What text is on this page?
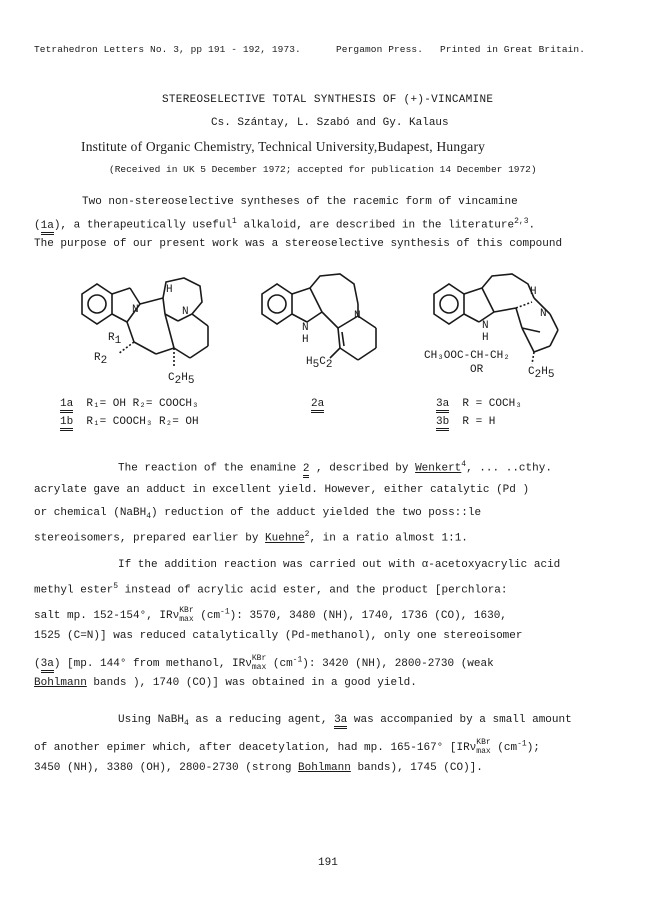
Tetrahedron Letters No. 3, pp 191 - 192, 1973.	Pergamon Press. Printed in Great Britain.
STEREOSELECTIVE TOTAL SYNTHESIS OF (+)-VINCAMINE
Cs. Szántay, L. Szabó and Gy. Kalaus
Institute of Organic Chemistry, Technical University,Budapest, Hungary
(Received in UK 5 December 1972; accepted for publication 14 December 1972)
Two non-stereoselective syntheses of the racemic form of vincamine
(1a), a therapeutically useful$^1$ alkaloid, are described in the literature$^{2,3}$.
The purpose of our present work was a stereoselective synthesis of this compound
N
H
N
R1
R2
C2H5
1a R₁= OH R₂= COOCH₃
1b R₁= COOCH₃ R₂= OH
N
H
N
H5C2
2a
H
N
H
N
CH₃OOC-CH-CH₂
OR	C2H5
3a R = COCH₃
3b R = H
The reaction of the enamine 2 , described by Wenkert$^4$, ... ..cthy.
acrylate gave an adduct in excellent yield. However, either catalytic (Pd )
or chemical (NaBH$_4$) reduction of the adduct yielded the two poss::le
stereoisomers, prepared earlier by Kuehne$^2$, in a ratio almost 1:1.
If the addition reaction was carried out with α-acetoxyacrylic acid
methyl ester$^5$ instead of acrylic acid ester, and the product [perchlora:
salt mp. 152-154°, IRνKBr
$\max (cm^{-1})$: 3570, 3480 (NH), 1740, 1736 (CO), 1630,
1525 (C=N)] was reduced catalytically (Pd-methanol), only one stereoisomer
(3a) [mp. 144° from methanol, IRνKBr
$\max (cm^{-1})$: 3420 (NH), 2800-2730 (weak
Bohlmann bands ), 1740 (CO)] was obtained in a good yield.
Using NaBH$_4$ as a reducing agent, 3a was accompanied by a small amount
of another epimer which, after deacetylation, had mp. 165-167° [IRνKBr
$\max (cm^{-1})$;
3450 (NH), 3380 (OH), 2800-2730 (strong Bohlmann bands), 1745 (CO)].
191
